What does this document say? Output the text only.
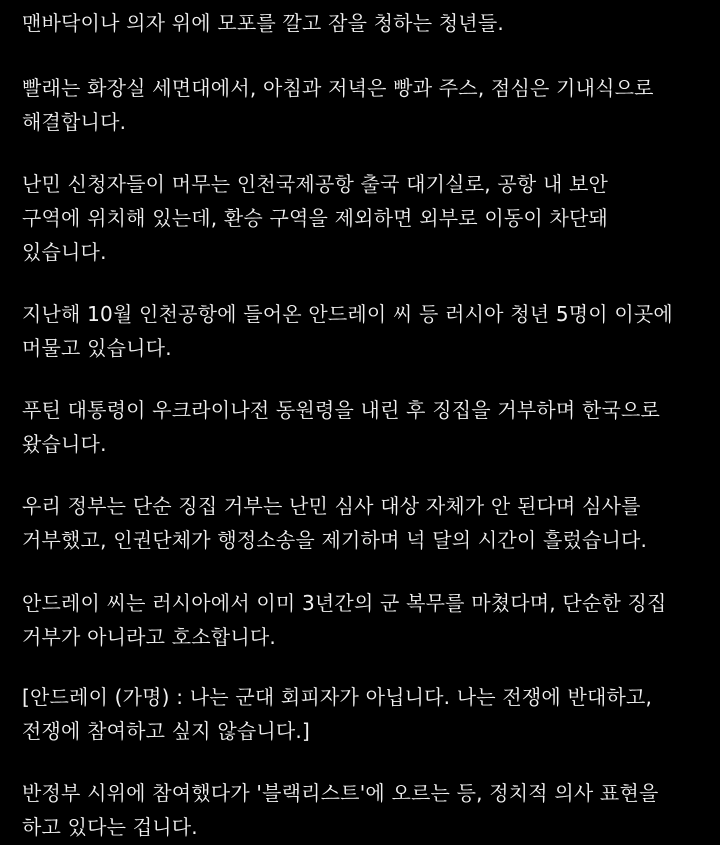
맨바닥이나 의자 위에 모포를 깔고 잠을 청하는 청년들.

빨래는 화장실 세면대에서, 아침과 저녁은 빵과 주스, 점심은 기내식으로
해결합니다.

난민 신청자들이 머무는 인천국제공항 출국 대기실로, 공항 내 보안
구역에 위치해 있는데, 환승 구역을 제외하면 외부로 이동이 차단돼
있습니다.

지난해 10월 인천공항에 들어온 안드레이 씨 등 러시아 청년 5명이 이곳에
머물고 있습니다.

푸틴 대통령이 우크라이나전 동원령을 내린 후 징집을 거부하며 한국으로
왔습니다.

우리 정부는 단순 징집 거부는 난민 심사 대상 자체가 안 된다며 심사를
거부했고, 인권단체가 행정소송을 제기하며 넉 달의 시간이 흘렀습니다.

안드레이 씨는 러시아에서 이미 3년간의 군 복무를 마쳤다며, 단순한 징집
거부가 아니라고 호소합니다.

[안드레이 (가명) : 나는 군대 회피자가 아닙니다. 나는 전쟁에 반대하고,
전쟁에 참여하고 싶지 않습니다.]

반정부 시위에 참여했다가 '블랙리스트'에 오르는 등, 정치적 의사 표현을
하고 있다는 겁니다.
